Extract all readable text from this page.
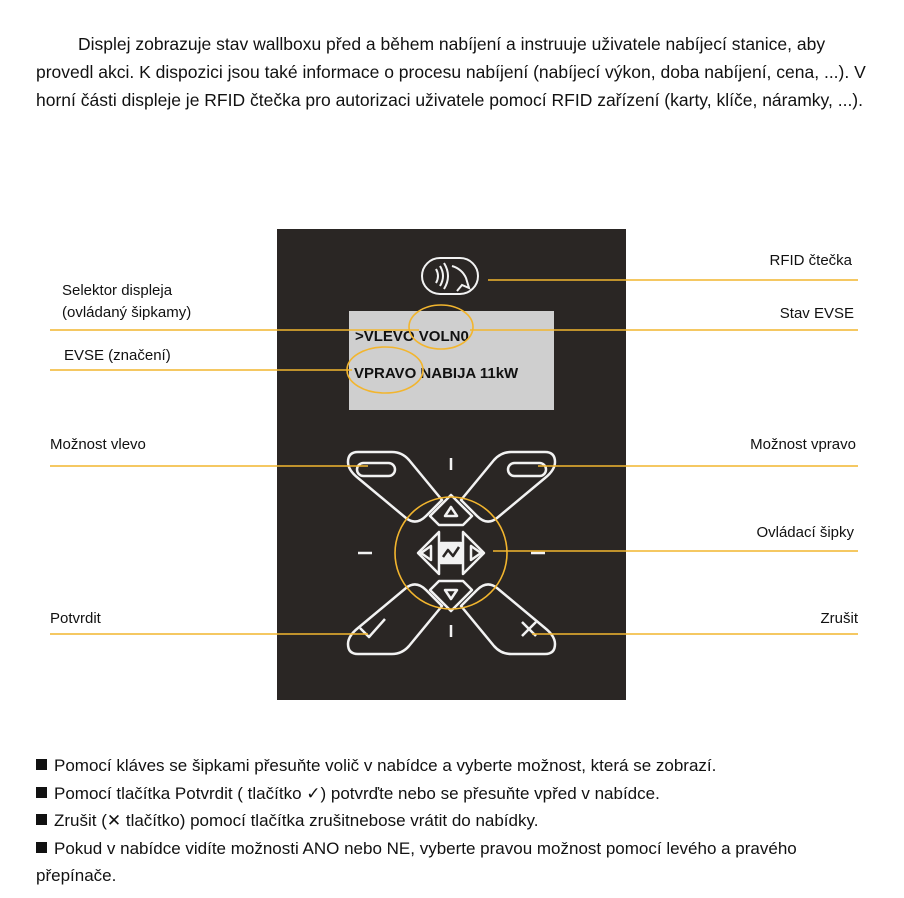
Displej zobrazuje stav wallboxu před a během nabíjení a instruuje uživatele nabíjecí stanice, aby provedl akci. K dispozici jsou také informace o procesu nabíjení (nabíjecí výkon, doba nabíjení, cena, ...). V horní části displeje je RFID čtečka pro autorizaci uživatele pomocí RFID zařízení (karty, klíče, náramky, ...).

>VLEVO VOLN0
VPRAVO NABIJA 11kW
Selektor displeja
(ovládaný šipkamy)
EVSE (značení)
Možnost vlevo
Potvrdit
RFID čtečka
Stav EVSE
Možnost vpravo
Ovládací šipky
Zrušit
Pomocí kláves se šipkami přesuňte volič v nabídce a vyberte možnost, která se zobrazí.
Pomocí tlačítka Potvrdit ( tlačítko ✓) potvrďte nebo se přesuňte vpřed v nabídce.
Zrušit (✕ tlačítko) pomocí tlačítka zrušitnebose vrátit do nabídky.
Pokud v nabídce vidíte možnosti ANO nebo NE, vyberte pravou možnost pomocí levého a pravého přepínače.
